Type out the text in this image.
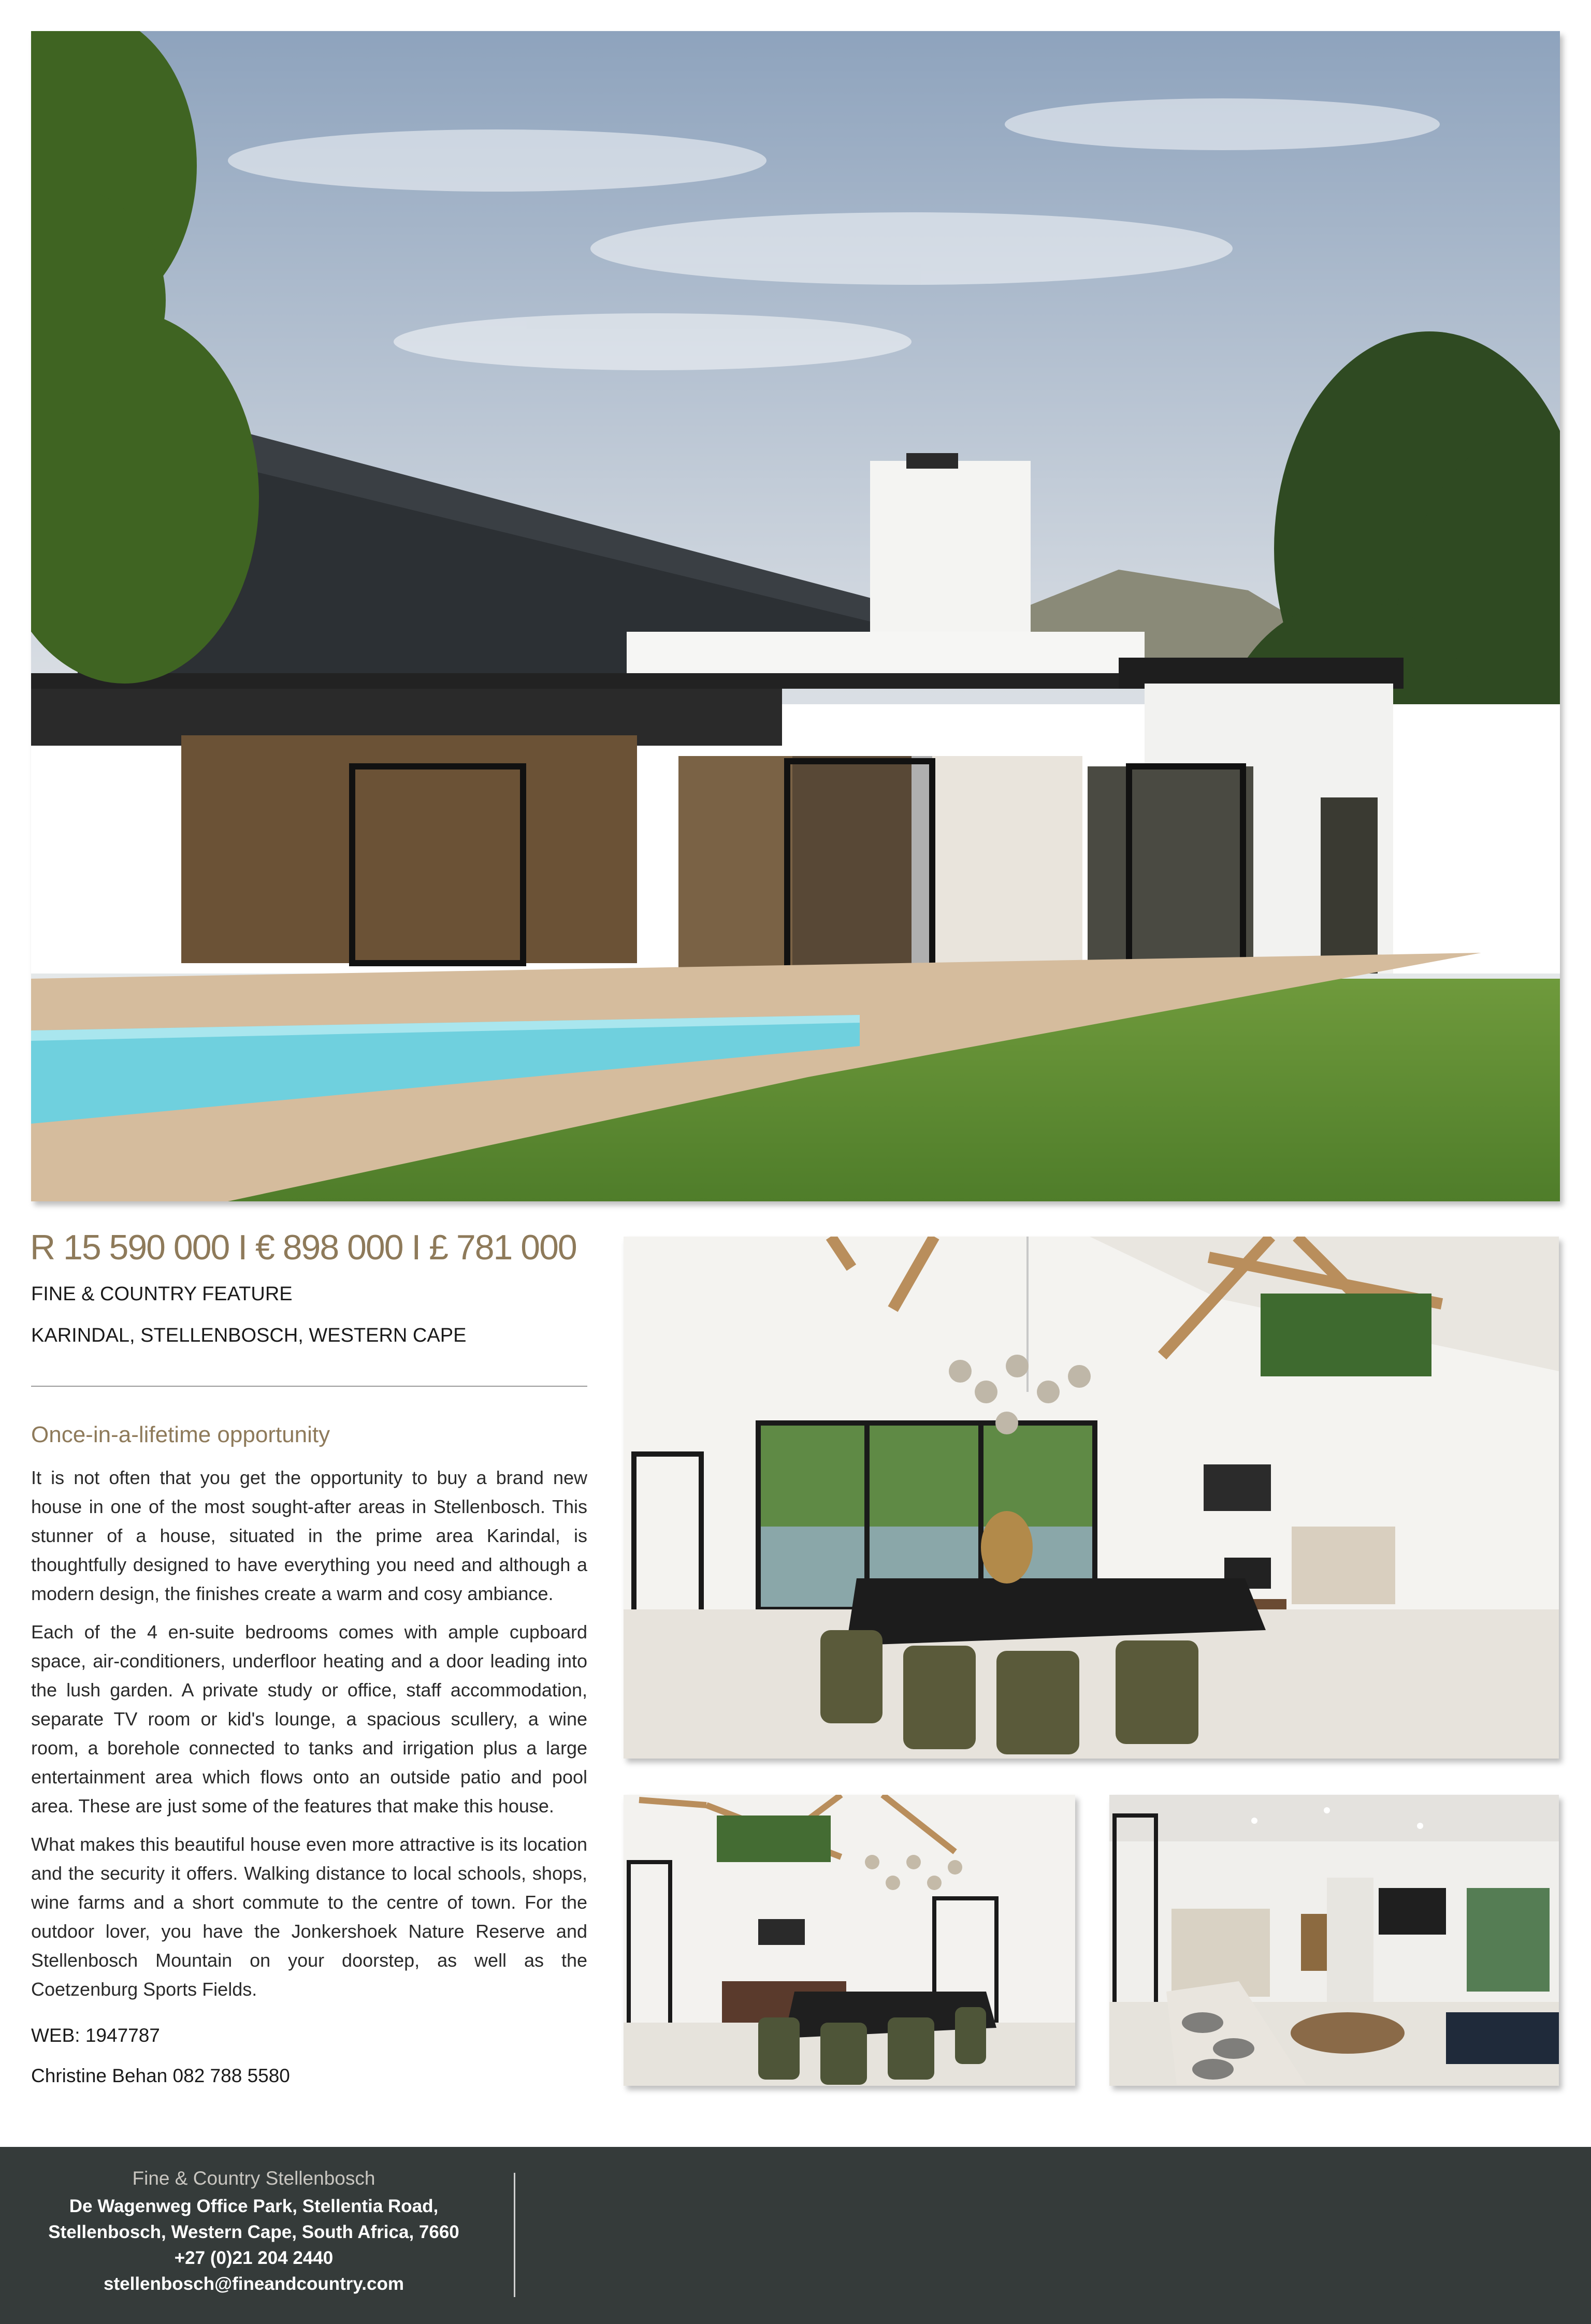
R 15 590 000 I € 898 000 I £ 781 000
FINE & COUNTRY FEATURE
KARINDAL, STELLENBOSCH, WESTERN CAPE
Once-in-a-lifetime opportunity

It is not often that you get the opportunity to buy a brand new house in one of the most sought-after areas in Stellenbosch. This stunner of a house, situated in the prime area Karindal, is thoughtfully designed to have everything you need and although a modern design, the finishes create a warm and cosy ambiance.

Each of the 4 en-suite bedrooms comes with ample cupboard space, air-conditioners, underfloor heating and a door leading into the lush garden. A private study or office, staff accommodation, separate TV room or kid's lounge, a spacious scullery, a wine room, a borehole connected to tanks and irrigation plus a large entertainment area which flows onto an outside patio and pool area. These are just some of the features that make this house.

What makes this beautiful house even more attractive is its location and the security it offers. Walking distance to local schools, shops, wine farms and a short commute to the centre of town. For the outdoor lover, you have the Jonkershoek Nature Reserve and Stellenbosch Mountain on your doorstep, as well as the Coetzenburg Sports Fields.

WEB: 1947787
Christine Behan 082 788 5580
Fine & Country Stellenbosch
De Wagenweg Office Park, Stellentia Road,
Stellenbosch, Western Cape, South Africa, 7660
+27 (0)21 204 2440
stellenbosch@fineandcountry.com
